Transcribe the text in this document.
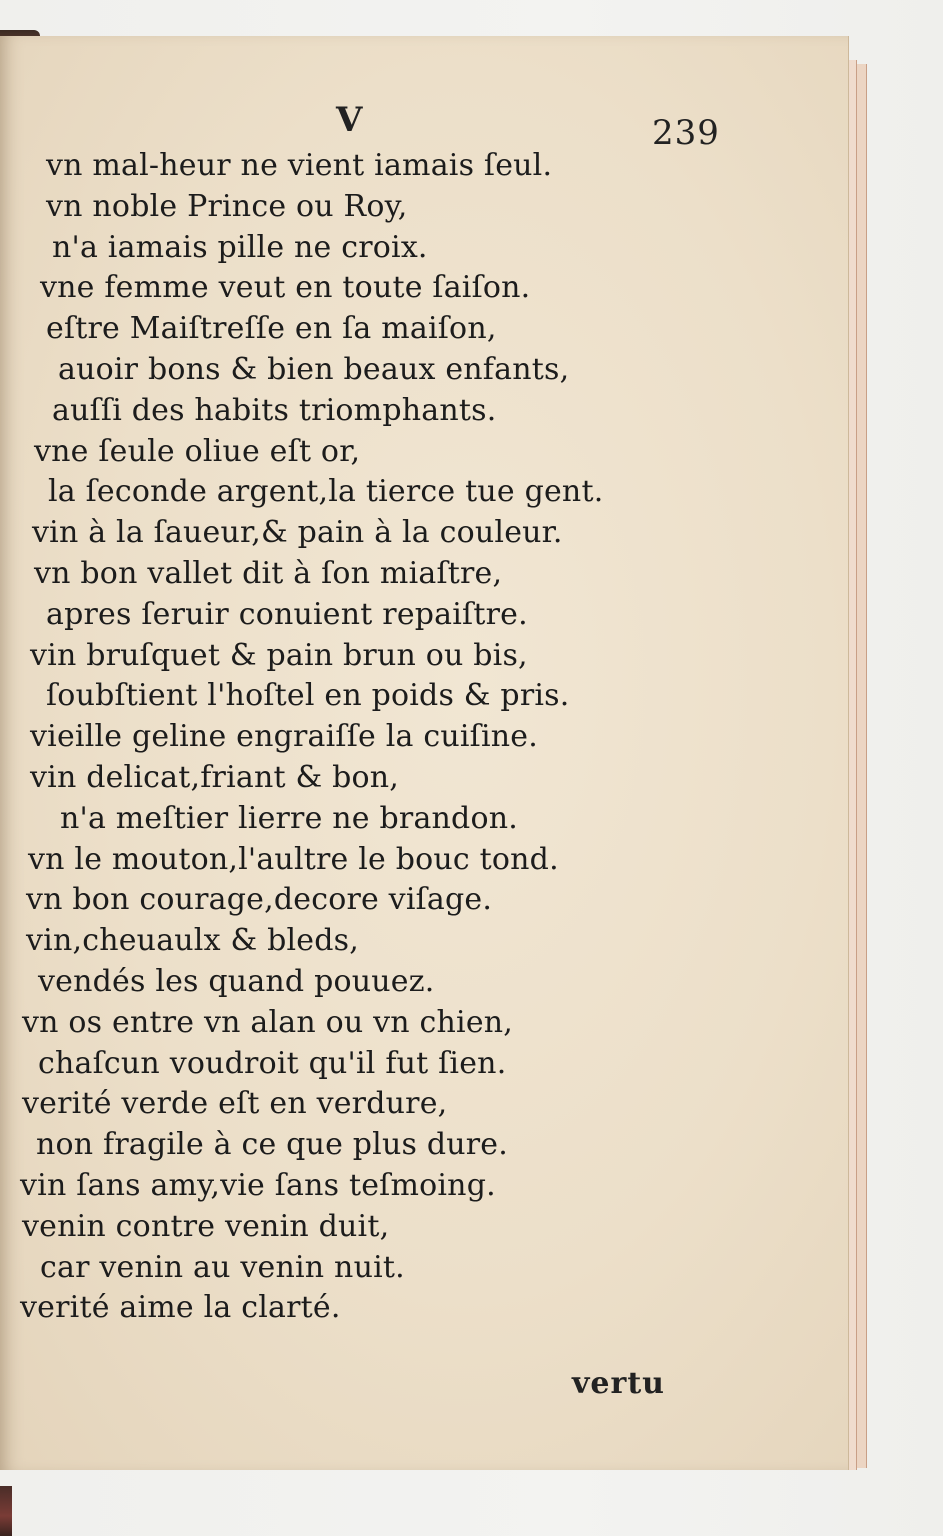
V	239
vn mal-heur ne vient iamais ſeul.
vn noble Prince ou Roy,
n'a iamais pille ne croix.
vne femme veut en toute ſaiſon.
eſtre Maiſtreſſe en ſa maiſon,
auoir bons & bien beaux enfants,
auſſi des habits triomphants.
vne ſeule oliue eſt or,
la ſeconde argent,la tierce tue gent.
vin à la ſaueur,& pain à la couleur.
vn bon vallet dit à ſon miaſtre,
apres ſeruir conuient repaiſtre.
vin bruſquet & pain brun ou bis,
ſoubſtient l'hoſtel en poids & pris.
vieille geline engraiſſe la cuiſine.
vin delicat,friant & bon,
n'a meſtier lierre ne brandon.
vn le mouton,l'aultre le bouc tond.
vn bon courage,decore viſage.
vin,cheuaulx & bleds,
vendés les quand pouuez.
vn os entre vn alan ou vn chien,
chaſcun voudroit qu'il fut ſien.
verité verde eſt en verdure,
non fragile à ce que plus dure.
vin ſans amy,vie ſans teſmoing.
venin contre venin duit,
car venin au venin nuit.
verité aime la clarté.
vertu
